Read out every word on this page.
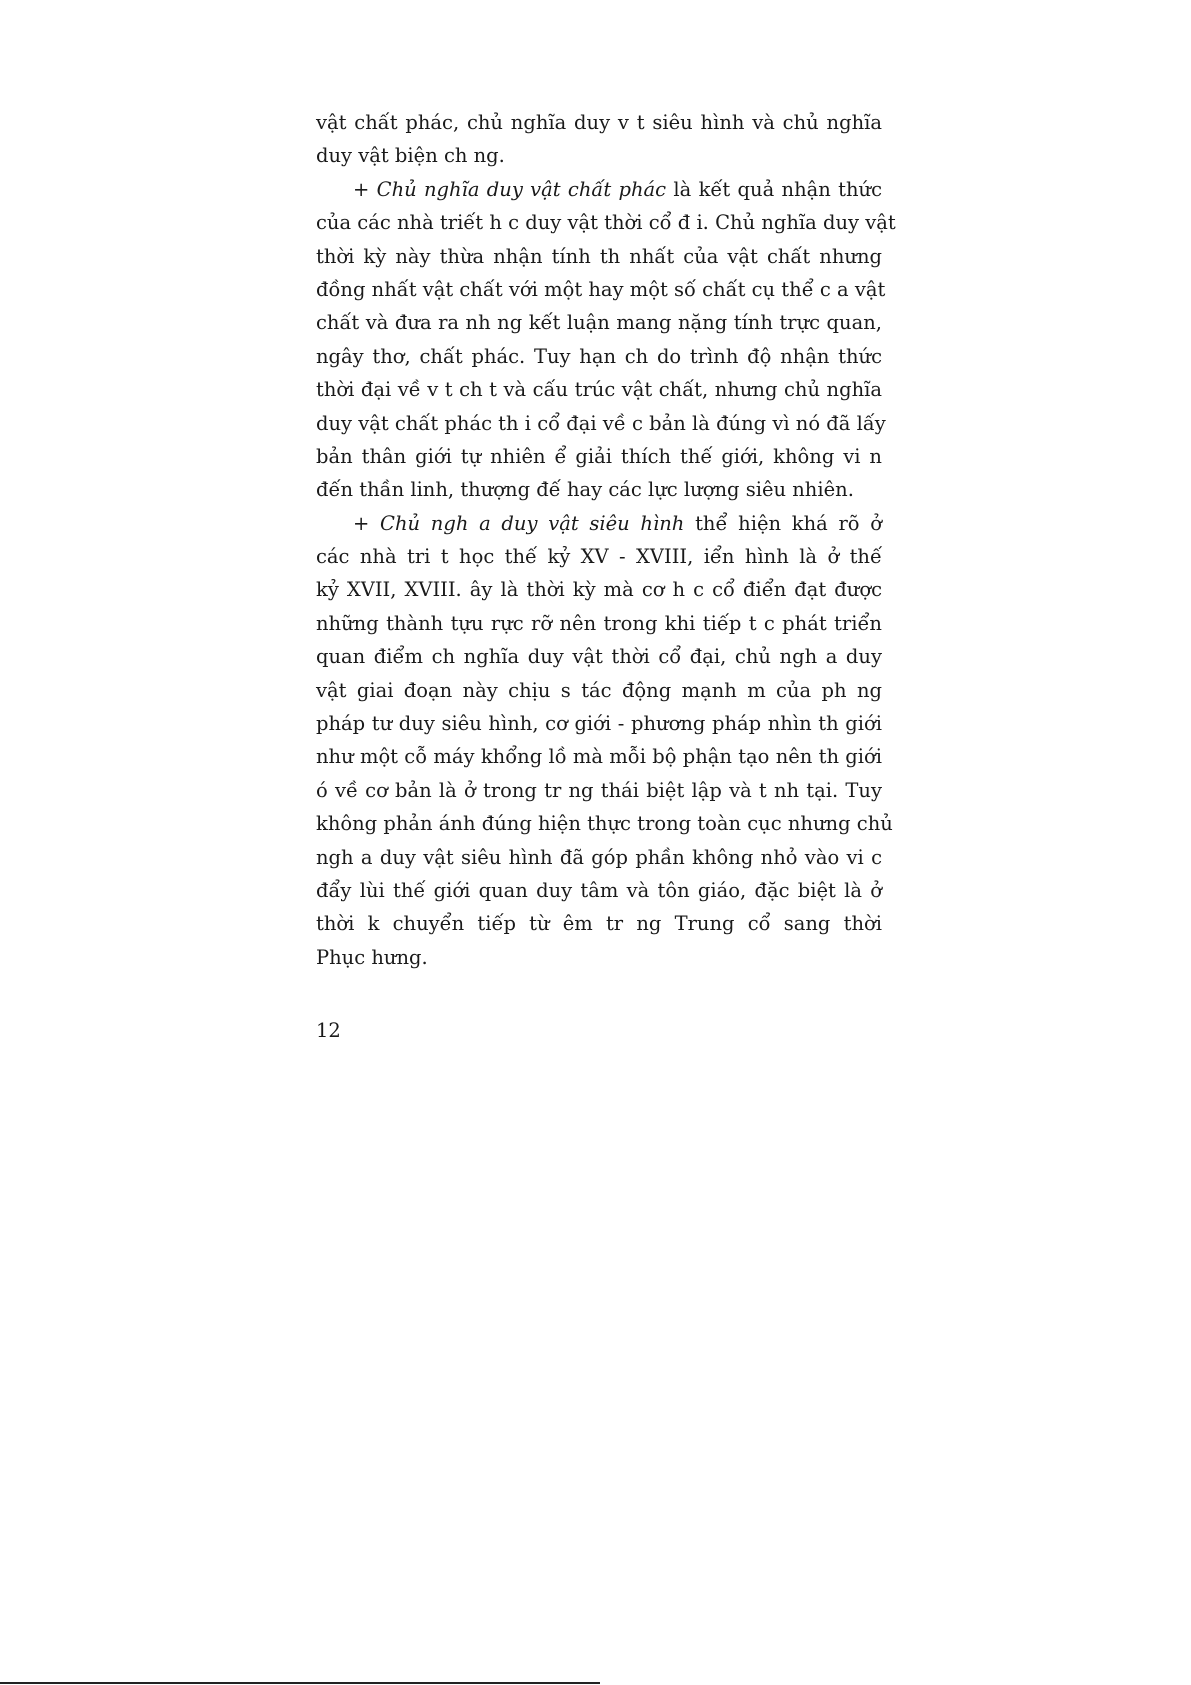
vật chất phác, chủ nghĩa duy v t siêu hình và chủ nghĩa
duy vật biện ch ng.
+ Chủ nghĩa duy vật chất phác là kết quả nhận thức
của các nhà triết h c duy vật thời cổ đ i. Chủ nghĩa duy vật
thời kỳ này thừa nhận tính th nhất của vật chất nhưng
đồng nhất vật chất với một hay một số chất cụ thể c a vật
chất và đưa ra nh ng kết luận mang nặng tính trực quan,
ngây thơ, chất phác. Tuy hạn ch do trình độ nhận thức
thời đại về v t ch t và cấu trúc vật chất, nhưng chủ nghĩa
duy vật chất phác th i cổ đại về c bản là đúng vì nó đã lấy
bản thân giới tự nhiên ể giải thích thế giới, không vi n
đến thần linh, thượng đế hay các lực lượng siêu nhiên.
+ Chủ ngh a duy vật siêu hình thể hiện khá rõ ở
các nhà tri t học thế kỷ XV - XVIII, iển hình là ở thế
kỷ XVII, XVIII. ây là thời kỳ mà cơ h c cổ điển đạt được
những thành tựu rực rỡ nên trong khi tiếp t c phát triển
quan điểm ch nghĩa duy vật thời cổ đại, chủ ngh a duy
vật giai đoạn này chịu s tác động mạnh m của ph ng
pháp tư duy siêu hình, cơ giới - phương pháp nhìn th giới
như một cỗ máy khổng lồ mà mỗi bộ phận tạo nên th giới
ó về cơ bản là ở trong tr ng thái biệt lập và t nh tại. Tuy
không phản ánh đúng hiện thực trong toàn cục nhưng chủ
ngh a duy vật siêu hình đã góp phần không nhỏ vào vi c
đẩy lùi thế giới quan duy tâm và tôn giáo, đặc biệt là ở
thời k chuyển tiếp từ êm tr ng Trung cổ sang thời
Phục hưng.
12
